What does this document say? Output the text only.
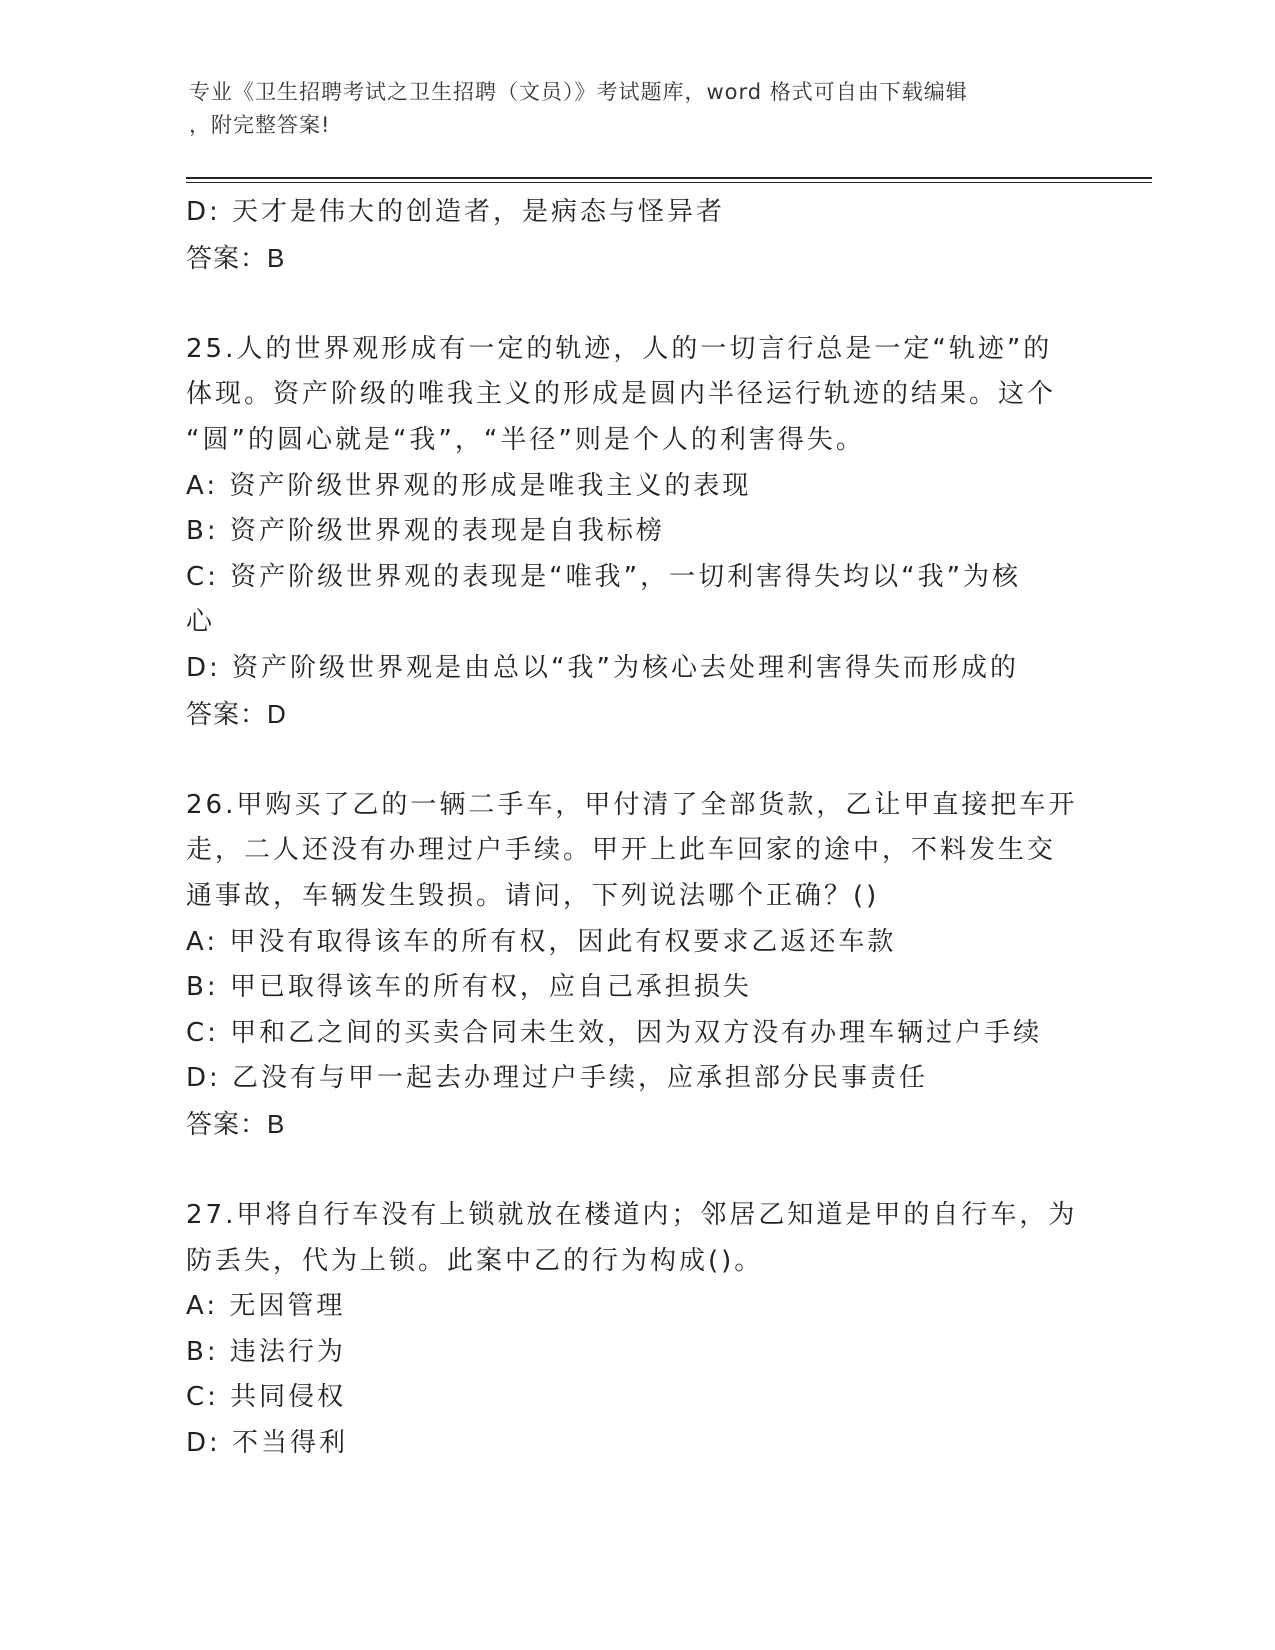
专业《卫生招聘考试之卫生招聘（文员）》考试题库，word 格式可自由下载编辑
，附完整答案!
D: 天才是伟大的创造者，是病态与怪异者
答案：B
25.人的世界观形成有一定的轨迹，人的一切言行总是一定“轨迹”的
体现。资产阶级的唯我主义的形成是圆内半径运行轨迹的结果。这个
“圆”的圆心就是“我”，“半径”则是个人的利害得失。
A: 资产阶级世界观的形成是唯我主义的表现
B: 资产阶级世界观的表现是自我标榜
C: 资产阶级世界观的表现是“唯我”，一切利害得失均以“我”为核
心
D: 资产阶级世界观是由总以“我”为核心去处理利害得失而形成的
答案：D
26.甲购买了乙的一辆二手车，甲付清了全部货款，乙让甲直接把车开
走，二人还没有办理过户手续。甲开上此车回家的途中，不料发生交
通事故，车辆发生毁损。请问，下列说法哪个正确？()
A: 甲没有取得该车的所有权，因此有权要求乙返还车款
B: 甲已取得该车的所有权，应自己承担损失
C: 甲和乙之间的买卖合同未生效，因为双方没有办理车辆过户手续
D: 乙没有与甲一起去办理过户手续，应承担部分民事责任
答案：B
27.甲将自行车没有上锁就放在楼道内；邻居乙知道是甲的自行车，为
防丢失，代为上锁。此案中乙的行为构成()。
A: 无因管理
B: 违法行为
C: 共同侵权
D: 不当得利
